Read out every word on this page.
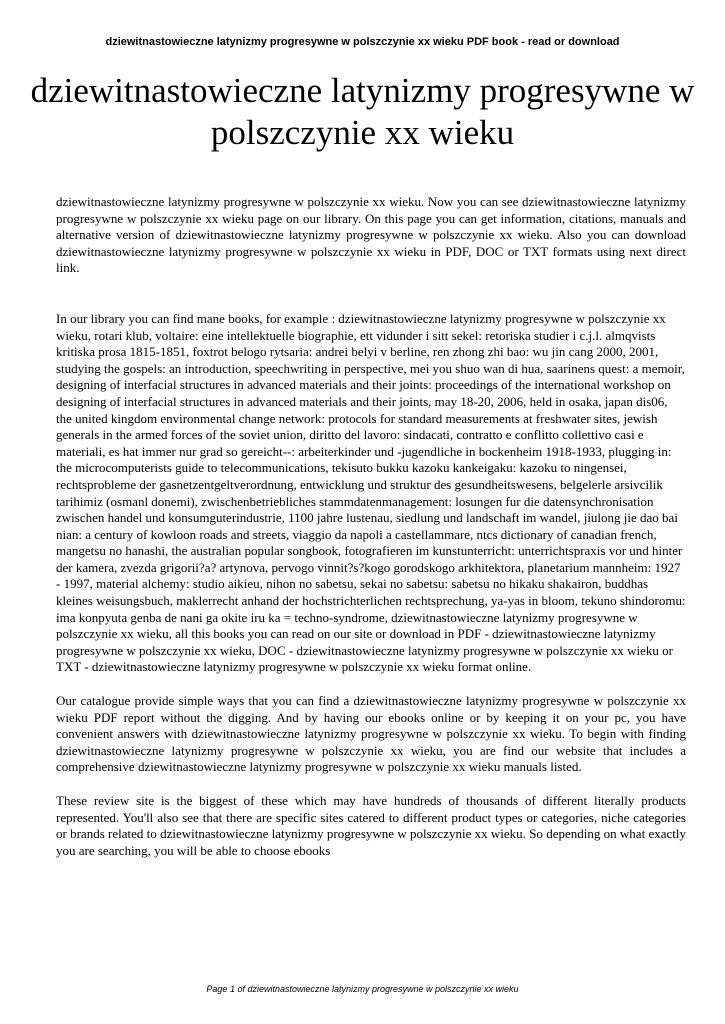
dziewitnastowieczne latynizmy progresywne w polszczynie xx wieku PDF book - read or download
dziewitnastowieczne latynizmy progresywne w polszczynie xx wieku

dziewitnastowieczne latynizmy progresywne w polszczynie xx wieku. Now you can see dziewitnastowieczne latynizmy progresywne w polszczynie xx wieku page on our library. On this page you can get information, citations, manuals and alternative version of dziewitnastowieczne latynizmy progresywne w polszczynie xx wieku. Also you can download dziewitnastowieczne latynizmy progresywne w polszczynie xx wieku in PDF, DOC or TXT formats using next direct link.

In our library you can find mane books, for example : dziewitnastowieczne latynizmy progresywne w polszczynie xx wieku, rotari klub, voltaire: eine intellektuelle biographie, ett vidunder i sitt sekel: retoriska studier i c.j.l. almqvists kritiska prosa 1815-1851, foxtrot belogo rytsaria: andrei belyi v berline, ren zhong zhi bao: wu jin cang 2000, 2001, studying the gospels: an introduction, speechwriting in perspective, mei you shuo wan di hua, saarinens quest: a memoir, designing of interfacial structures in advanced materials and their joints: proceedings of the international workshop on designing of interfacial structures in advanced materials and their joints, may 18-20, 2006, held in osaka, japan dis06, the united kingdom environmental change network: protocols for standard measurements at freshwater sites, jewish generals in the armed forces of the soviet union, diritto del lavoro: sindacati, contratto e conflitto collettivo casi e materiali, es hat immer nur grad so gereicht--: arbeiterkinder und -jugendliche in bockenheim 1918-1933, plugging in: the microcomputerists guide to telecommunications, tekisuto bukku kazoku kankeigaku: kazoku to ningensei, rechtsprobleme der gasnetzentgeltverordnung, entwicklung und struktur des gesundheitswesens, belgelerle arsivcilik tarihimiz (osmanl donemi), zwischenbetriebliches stammdatenmanagement: losungen fur die datensynchronisation zwischen handel und konsumguterindustrie, 1100 jahre lustenau, siedlung und landschaft im wandel, jiulong jie dao bai nian: a century of kowloon roads and streets, viaggio da napoli a castellammare, ntcs dictionary of canadian french, mangetsu no hanashi, the australian popular songbook, fotografieren im kunstunterricht: unterrichtspraxis vor und hinter der kamera, zvezda grigorii?a? artynova, pervogo vinnit?s?kogo gorodskogo arkhitektora, planetarium mannheim: 1927 - 1997, material alchemy: studio aikieu, nihon no sabetsu, sekai no sabetsu: sabetsu no hikaku shakairon, buddhas kleines weisungsbuch, maklerrecht anhand der hochstrichterlichen rechtsprechung, ya-yas in bloom, tekuno shindoromu: ima konpyuta genba de nani ga okite iru ka = techno-syndrome, dziewitnastowieczne latynizmy progresywne w polszczynie xx wieku, all this books you can read on our site or download in PDF - dziewitnastowieczne latynizmy progresywne w polszczynie xx wieku, DOC - dziewitnastowieczne latynizmy progresywne w polszczynie xx wieku or TXT - dziewitnastowieczne latynizmy progresywne w polszczynie xx wieku format online.

Our catalogue provide simple ways that you can find a dziewitnastowieczne latynizmy progresywne w polszczynie xx wieku PDF report without the digging. And by having our ebooks online or by keeping it on your pc, you have convenient answers with dziewitnastowieczne latynizmy progresywne w polszczynie xx wieku. To begin with finding dziewitnastowieczne latynizmy progresywne w polszczynie xx wieku, you are find our website that includes a comprehensive dziewitnastowieczne latynizmy progresywne w polszczynie xx wieku manuals listed.

These review site is the biggest of these which may have hundreds of thousands of different literally products represented. You'll also see that there are specific sites catered to different product types or categories, niche categories or brands related to dziewitnastowieczne latynizmy progresywne w polszczynie xx wieku. So depending on what exactly you are searching, you will be able to choose ebooks

Page 1 of dziewitnastowieczne latynizmy progresywne w polszczynie xx wieku
